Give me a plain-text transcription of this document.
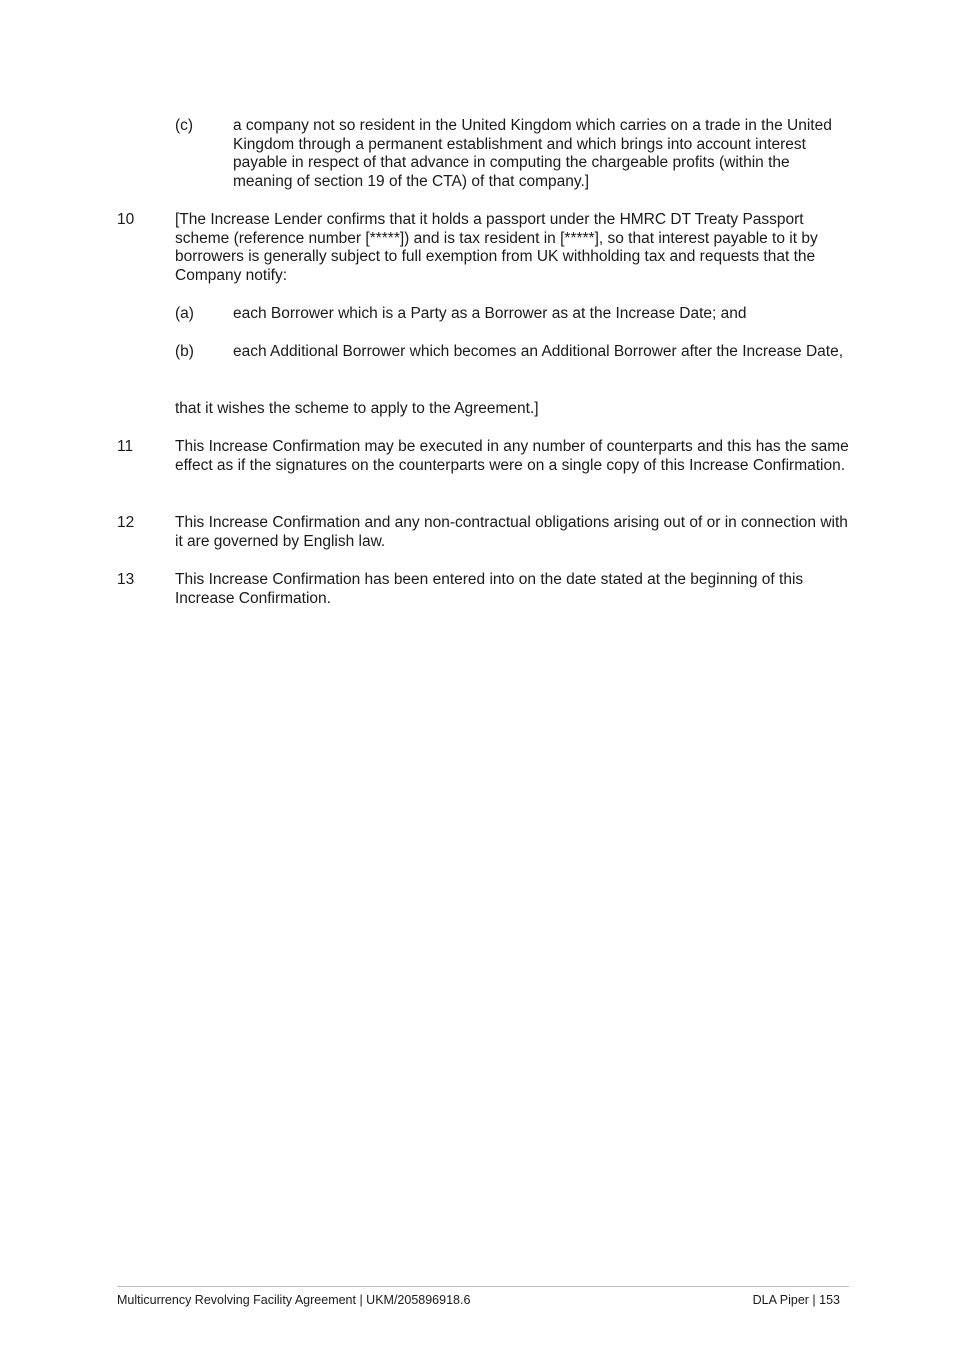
(c)	a company not so resident in the United Kingdom which carries on a trade in the United Kingdom through a permanent establishment and which brings into account interest payable in respect of that advance in computing the chargeable profits (within the meaning of section 19 of the CTA) of that company.]
10	[The Increase Lender confirms that it holds a passport under the HMRC DT Treaty Passport scheme (reference number [*****]) and is tax resident in [*****], so that interest payable to it by borrowers is generally subject to full exemption from UK withholding tax and requests that the Company notify:
(a)	each Borrower which is a Party as a Borrower as at the Increase Date; and
(b)	each Additional Borrower which becomes an Additional Borrower after the Increase Date,
that it wishes the scheme to apply to the Agreement.]
11	This Increase Confirmation may be executed in any number of counterparts and this has the same effect as if the signatures on the counterparts were on a single copy of this Increase Confirmation.
12	This Increase Confirmation and any non-contractual obligations arising out of or in connection with it are governed by English law.
13	This Increase Confirmation has been entered into on the date stated at the beginning of this Increase Confirmation.
Multicurrency Revolving Facility Agreement | UKM/205896918.6	DLA Piper | 153
